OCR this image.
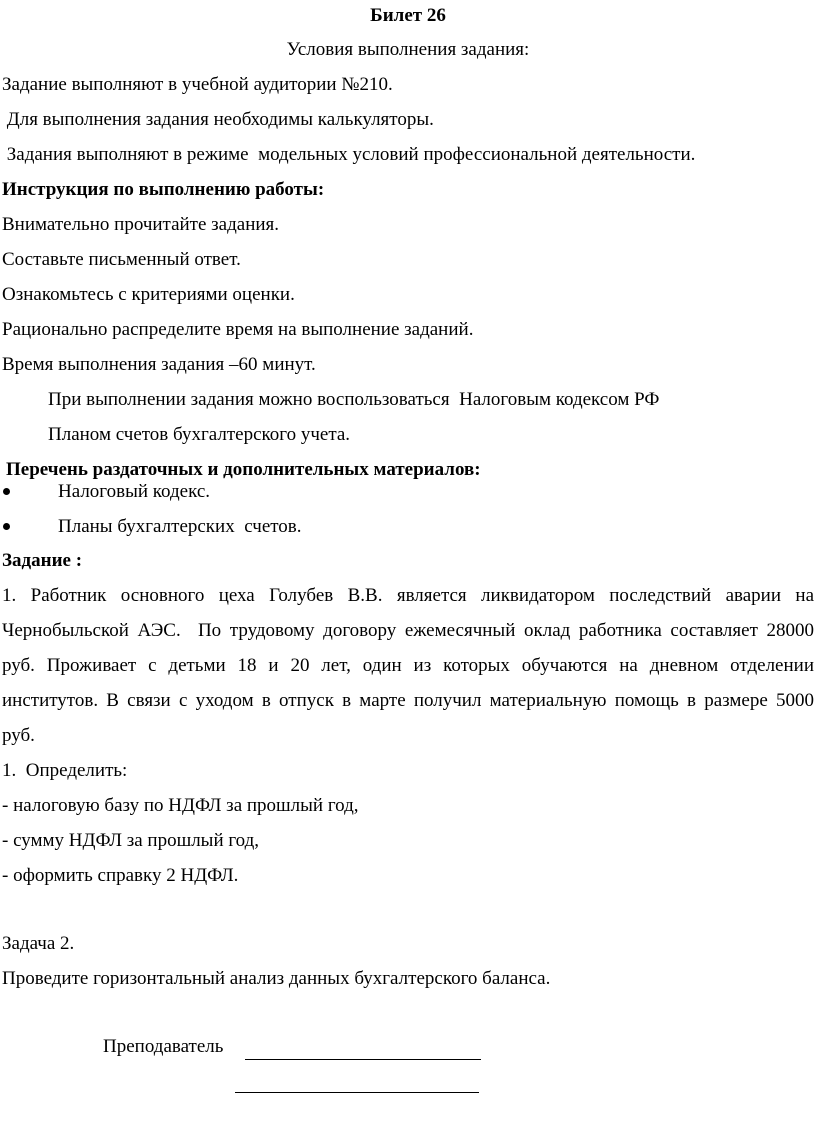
Билет 26
Условия выполнения задания:
Задание выполняют в учебной аудитории №210.
Для выполнения задания необходимы калькуляторы.
Задания выполняют в режиме  модельных условий профессиональной деятельности.
Инструкция по выполнению работы:
Внимательно прочитайте задания.
Составьте письменный ответ.
Ознакомьтесь с критериями оценки.
Рационально распределите время на выполнение заданий.
Время выполнения задания –60 минут.
При выполнении задания можно воспользоваться  Налоговым кодексом РФ
Планом счетов бухгалтерского учета.
Перечень раздаточных и дополнительных материалов:
Налоговый кодекс.
Планы бухгалтерских  счетов.
Задание :
1. Работник основного цеха Голубев В.В. является ликвидатором последствий аварии на
Чернобыльской АЭС.  По трудовому договору ежемесячный оклад работника составляет 28000
руб. Проживает с детьми 18 и 20 лет, один из которых обучаются на дневном отделении
институтов. В связи с уходом в отпуск в марте получил материальную помощь в размере 5000
руб.
1.  Определить:
- налоговую базу по НДФЛ за прошлый год,
- сумму НДФЛ за прошлый год,
- оформить справку 2 НДФЛ.
Задача 2.
Проведите горизонтальный анализ данных бухгалтерского баланса.
Преподаватель
